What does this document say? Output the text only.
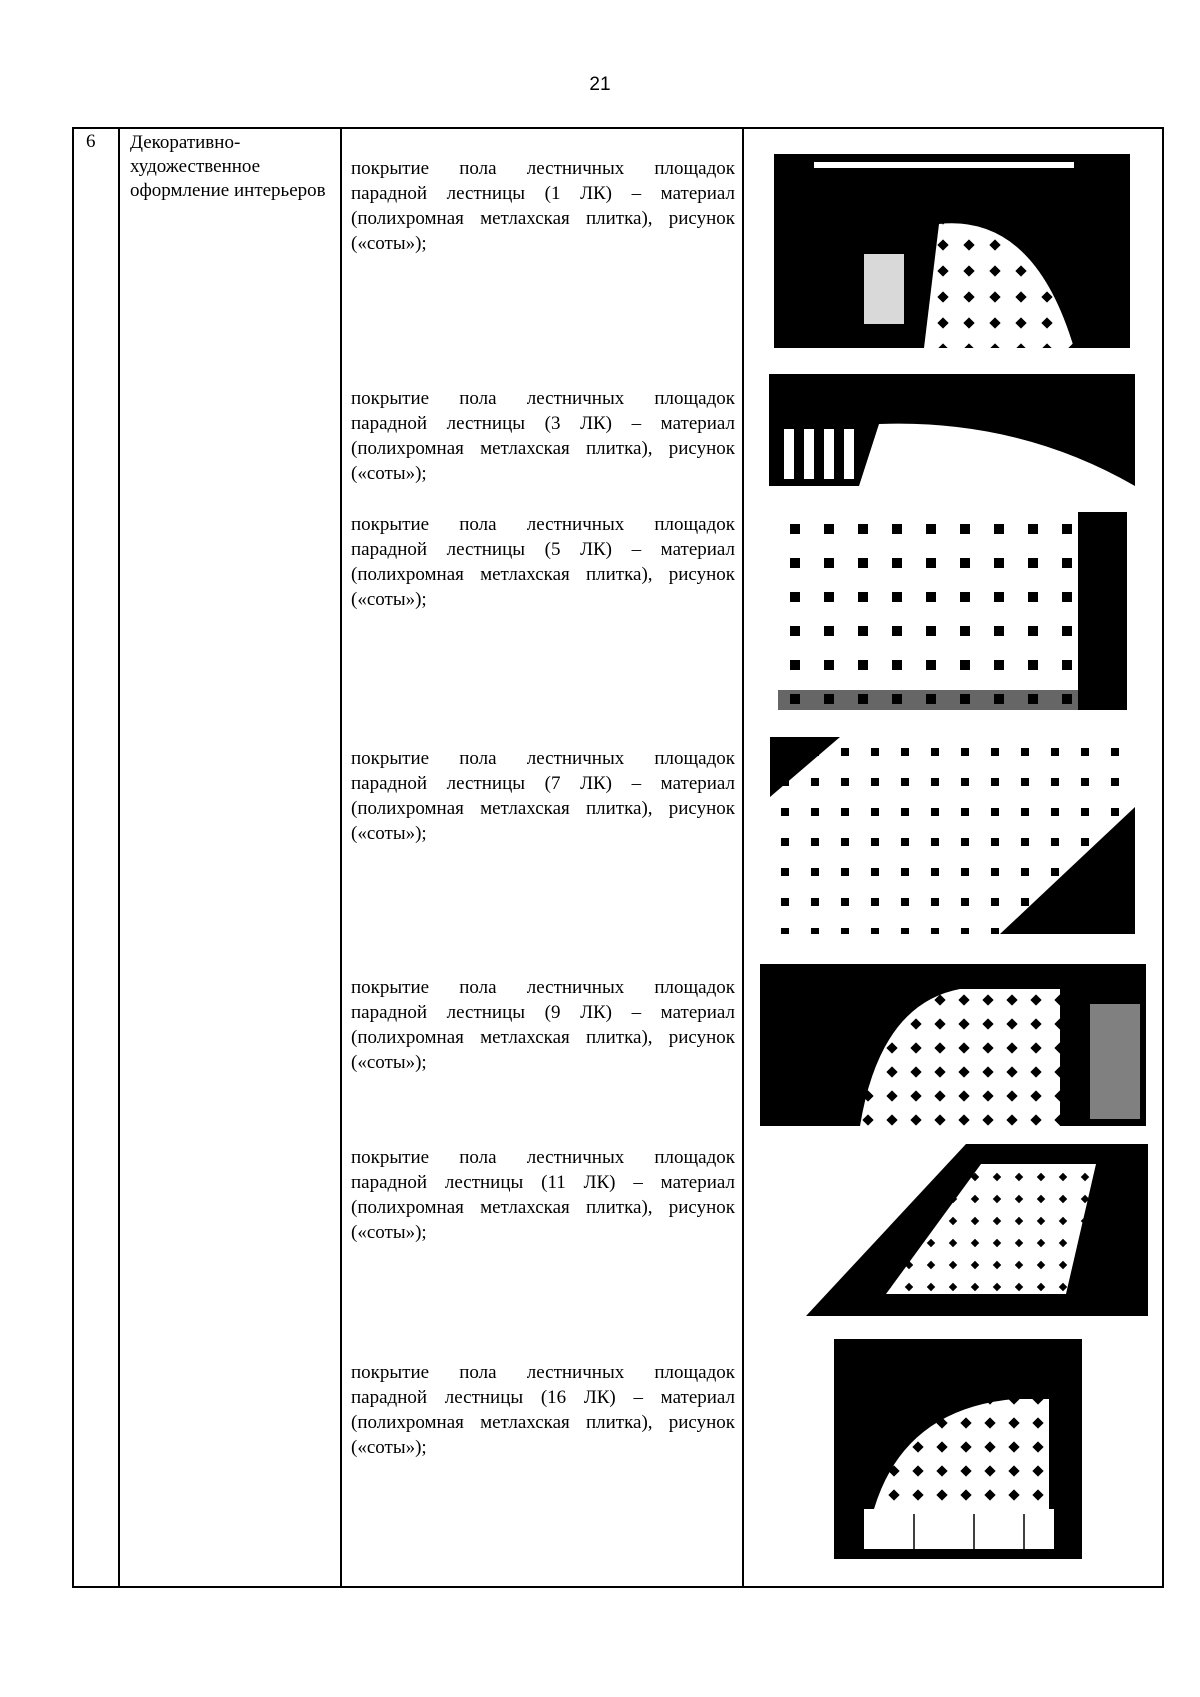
21
6 Декоративно-художественное оформление интерьеров
покрытие пола лестничных площадок парадной лестницы (1 ЛК) – материал (полихромная метлахская плитка), рисунок («соты»);
покрытие пола лестничных площадок парадной лестницы (3 ЛК) – материал (полихромная метлахская плитка), рисунок («соты»);
покрытие пола лестничных площадок парадной лестницы (5 ЛК) – материал (полихромная метлахская плитка), рисунок («соты»);
покрытие пола лестничных площадок парадной лестницы (7 ЛК) – материал (полихромная метлахская плитка), рисунок («соты»);
покрытие пола лестничных площадок парадной лестницы (9 ЛК) – материал (полихромная метлахская плитка), рисунок («соты»);
покрытие пола лестничных площадок парадной лестницы (11 ЛК) – материал (полихромная метлахская плитка), рисунок («соты»);
покрытие пола лестничных площадок парадной лестницы (16 ЛК) – материал (полихромная метлахская плитка), рисунок («соты»);
